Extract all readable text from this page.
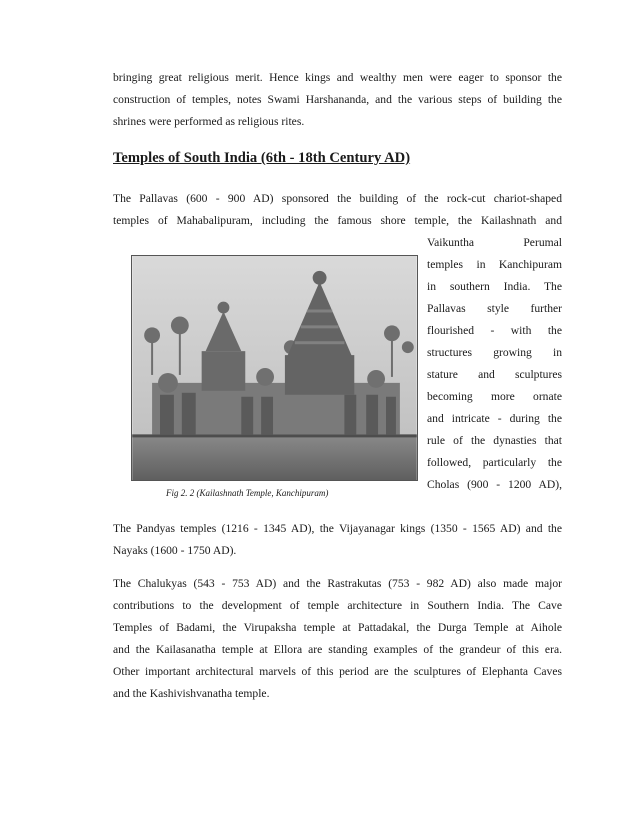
bringing great religious merit. Hence kings and wealthy men were eager to sponsor the
construction of temples, notes Swami Harshananda, and the various steps of building the
shrines were performed as religious rites.

Temples of South India (6th - 18th Century AD)

The Pallavas (600 - 900 AD) sponsored the building of the rock-cut chariot-shaped
temples of Mahabalipuram, including the famous shore temple, the Kailashnath and

Vaikuntha Perumal
temples in Kanchipuram
in southern India. The
Pallavas style further
flourished - with the
structures growing in
stature and sculptures
becoming more ornate
and intricate - during the
rule of the dynasties that
followed, particularly the
Cholas (900 - 1200 AD),

Fig 2. 2 (Kailashnath Temple, Kanchipuram)

The Pandyas temples (1216 - 1345 AD), the Vijayanagar kings (1350 - 1565 AD) and the
Nayaks (1600 - 1750 AD).

The Chalukyas (543 - 753 AD) and the Rastrakutas (753 - 982 AD) also made major
contributions to the development of temple architecture in Southern India. The Cave
Temples of Badami, the Virupaksha temple at Pattadakal, the Durga Temple at Aihole
and the Kailasanatha temple at Ellora are standing examples of the grandeur of this era.
Other important architectural marvels of this period are the sculptures of Elephanta Caves
and the Kashivishvanatha temple.
